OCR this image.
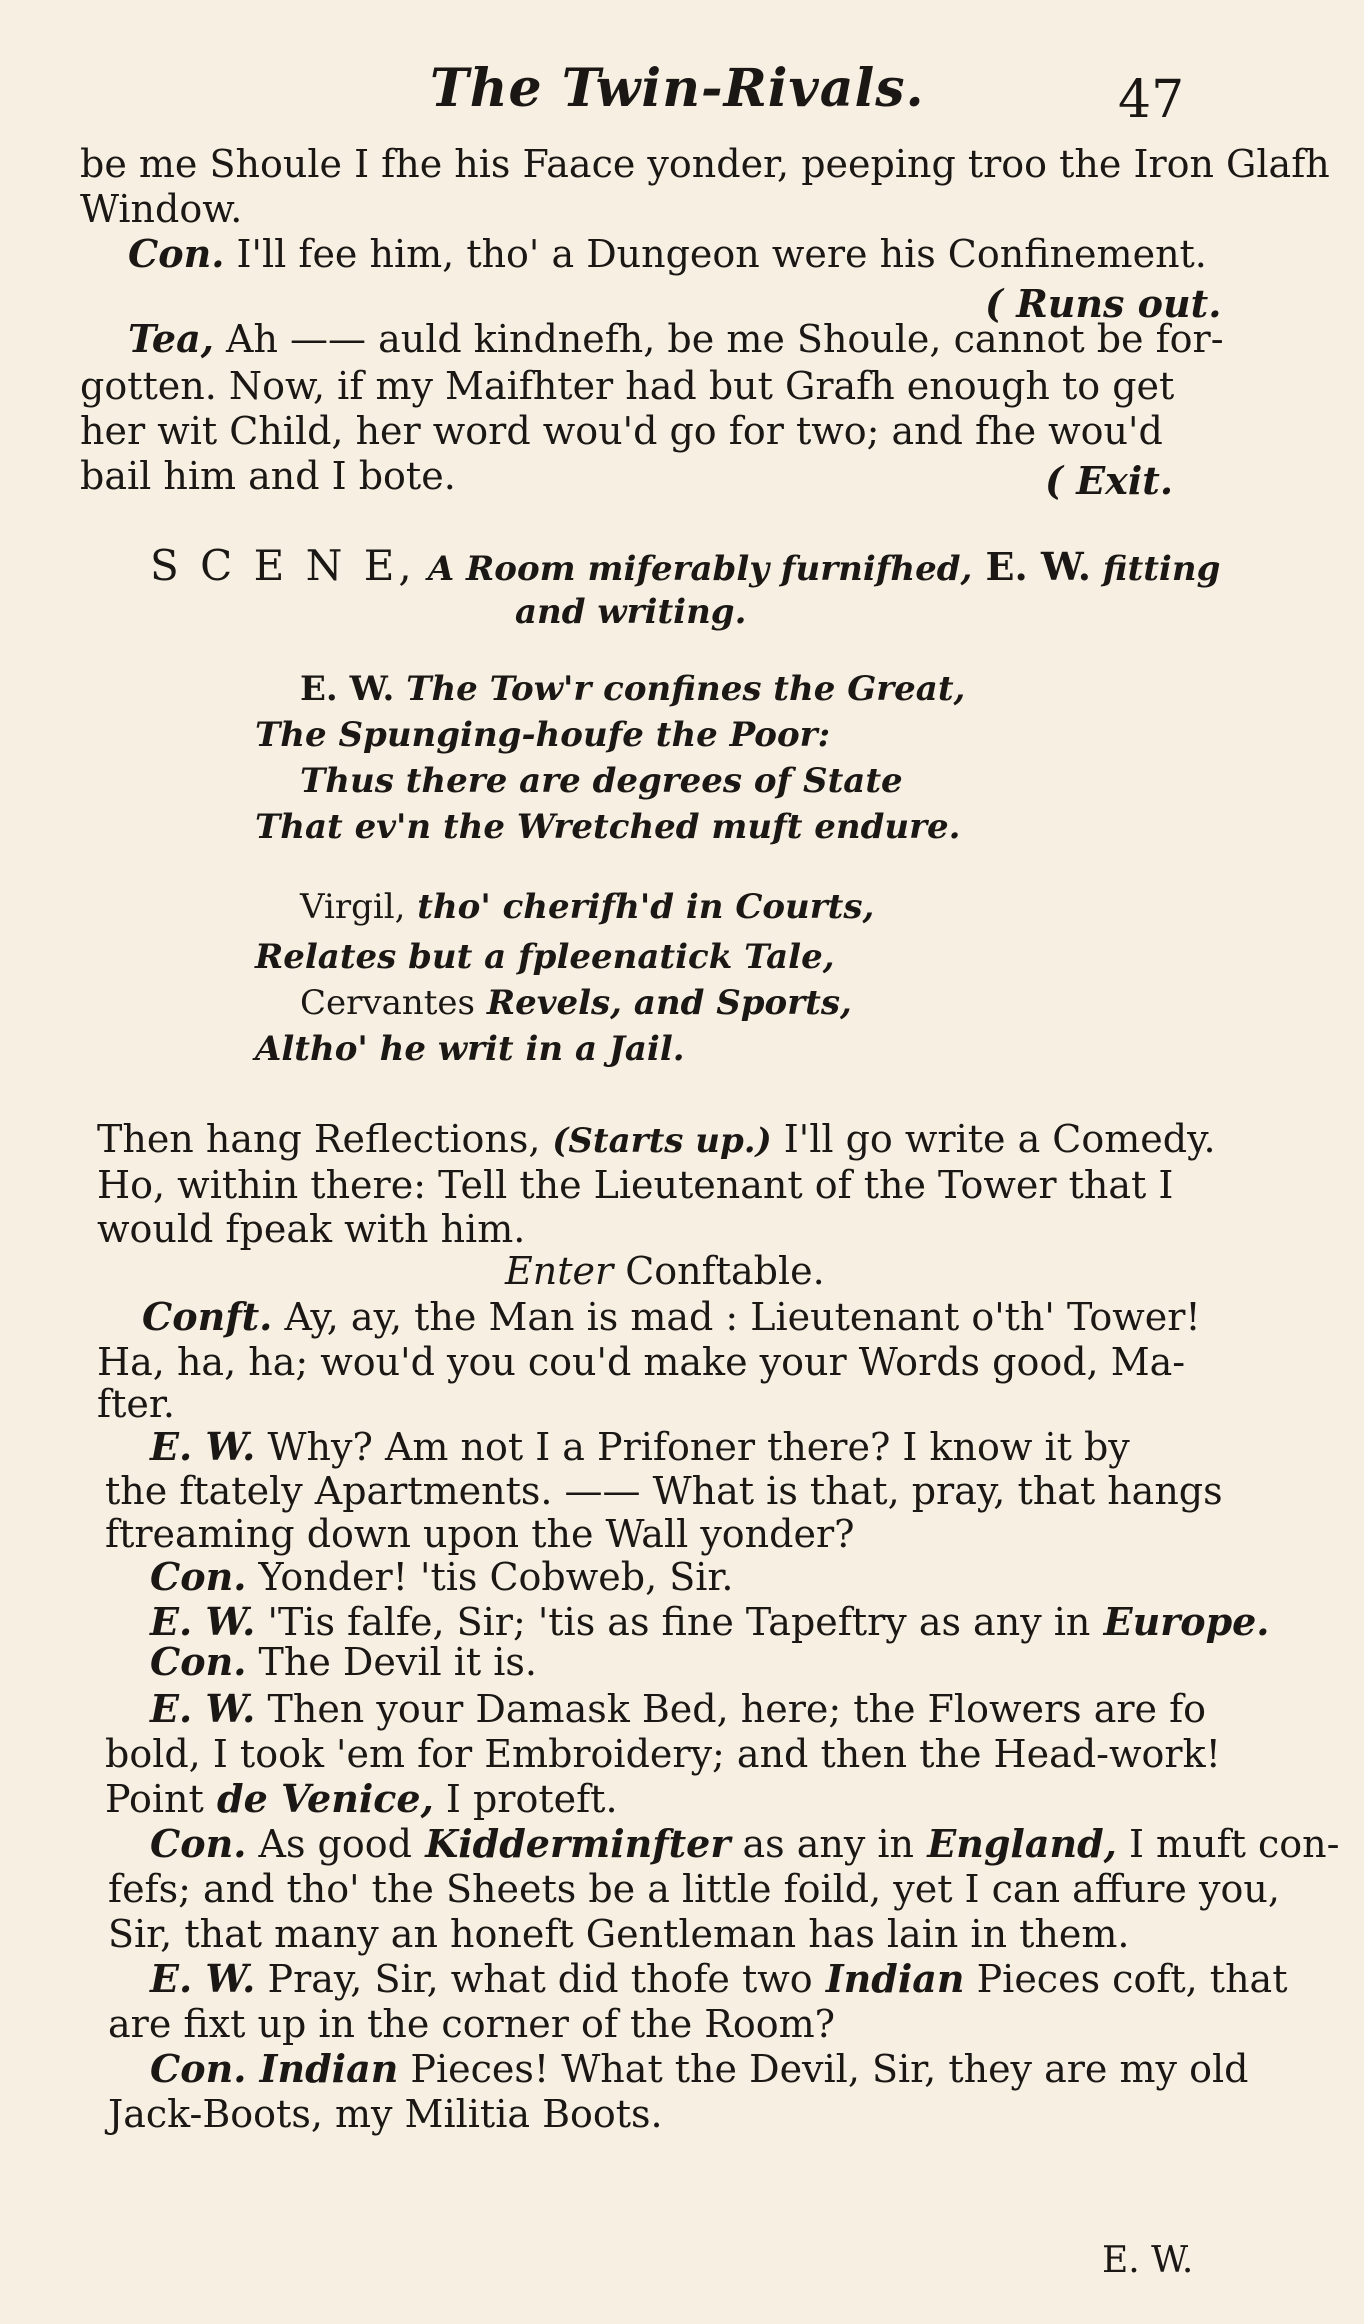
The Twin-Rivals.	47
be me Shoule I fhe his Faace yonder, peeping troo the Iron Glafh
Window.
Con. I'll fee him, tho' a Dungeon were his Confinement.
( Runs out.
Tea, Ah —— auld kindnefh, be me Shoule, cannot be for-
gotten. Now, if my Maifhter had but Grafh enough to get
her wit Child, her word wou'd go for two; and fhe wou'd
bail him and I bote.	( Exit.
S C E N E, A Room miferably furnifhed, E. W. fitting
and writing.
E. W. The Tow'r confines the Great,
The Spunging-houfe the Poor:
Thus there are degrees of State
That ev'n the Wretched muft endure.
Virgil, tho' cherifh'd in Courts,
Relates but a fpleenatick Tale,
Cervantes Revels, and Sports,
Altho' he writ in a Jail.
Then hang Reflections, (Starts up.) I'll go write a Comedy.
Ho, within there: Tell the Lieutenant of the Tower that I
would fpeak with him.
Enter Conftable.
Conft. Ay, ay, the Man is mad : Lieutenant o'th' Tower!
Ha, ha, ha; wou'd you cou'd make your Words good, Ma-
fter.
E. W. Why? Am not I a Prifoner there? I know it by
the ftately Apartments. —— What is that, pray, that hangs
ftreaming down upon the Wall yonder?
Con. Yonder! 'tis Cobweb, Sir.
E. W. 'Tis falfe, Sir; 'tis as fine Tapeftry as any in Europe.
Con. The Devil it is.
E. W. Then your Damask Bed, here; the Flowers are fo
bold, I took 'em for Embroidery; and then the Head-work!
Point de Venice, I proteft.
Con. As good Kidderminfter as any in England, I muft con-
fefs; and tho' the Sheets be a little foild, yet I can affure you,
Sir, that many an honeft Gentleman has lain in them.
E. W. Pray, Sir, what did thofe two Indian Pieces coft, that
are fixt up in the corner of the Room?
Con. Indian Pieces! What the Devil, Sir, they are my old
Jack-Boots, my Militia Boots.
E. W.
